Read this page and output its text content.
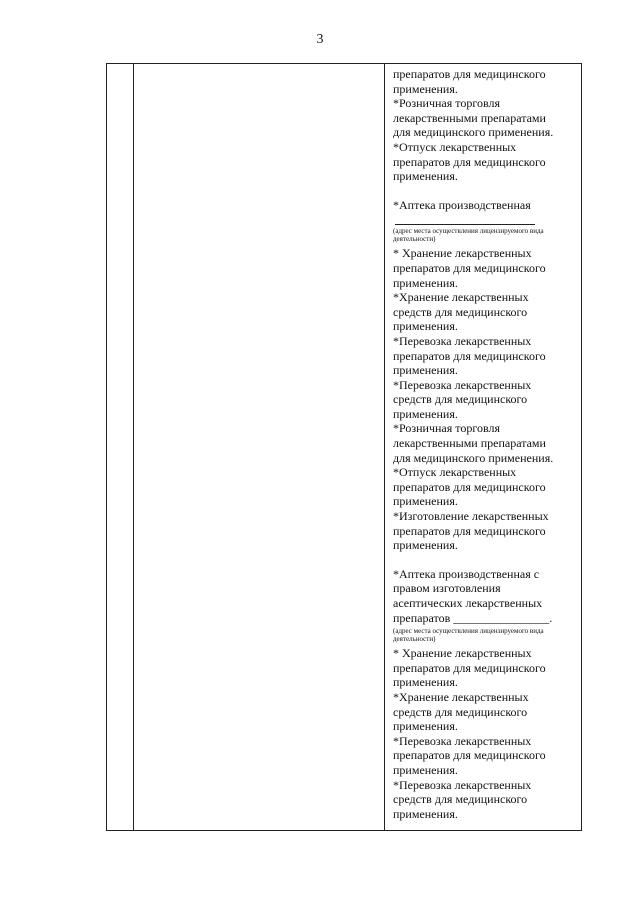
3

препаратов для медицинского

применения.

*Розничная торговля

лекарственными препаратами

для медицинского применения.

*Отпуск лекарственных

препаратов для медицинского

применения.

*Аптека производственная

(адрес места осуществления лицензируемого вида деятельности)

* Хранение лекарственных

препаратов для медицинского

применения.

*Хранение лекарственных

средств для медицинского

применения.

*Перевозка лекарственных

препаратов для медицинского

применения.

*Перевозка лекарственных

средств для медицинского

применения.

*Розничная торговля

лекарственными препаратами

для медицинского применения.

*Отпуск лекарственных

препаратов для медицинского

применения.

*Изготовление лекарственных

препаратов для медицинского

применения.

*Аптека производственная с

правом изготовления

асептических лекарственных

препаратов ________________.

(адрес места осуществления лицензируемого вида деятельности)

* Хранение лекарственных

препаратов для медицинского

применения.

*Хранение лекарственных

средств для медицинского

применения.

*Перевозка лекарственных

препаратов для медицинского

применения.

*Перевозка лекарственных

средств для медицинского

применения.
